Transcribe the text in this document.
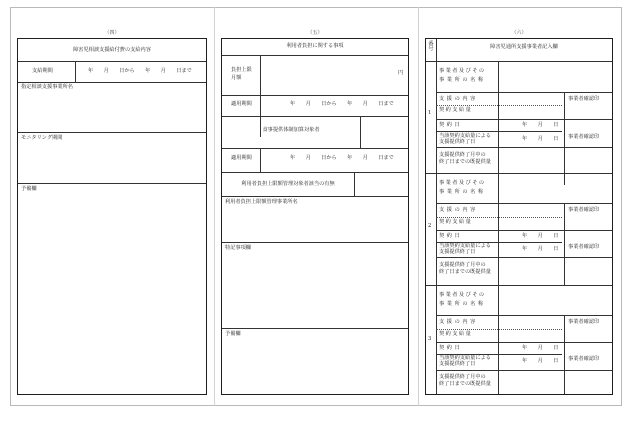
（四）	（五）	（六）
障害児相談支援給付費の支給内容
支給期間	年　　月　　日から　　年　　月　　日まで
指定相談支援事業所名
モニタリング期間
予備欄
利用者負担に関する事項
負担上限
月額
円
適用期間	年　　月　　日から　　年　　月　　日まで
食事提供体制加算対象者
適用期間	年　　月　　日から　　年　　月　　日まで
利用者負担上限額管理対象者該当の有無
利用者負担上限額管理事業所名
特記事項欄
予備欄
番号	障害児通所支援事業者記入欄
1
事業者及びその
事業所の名称
支援の内容	事業者確認印
契約支給量
契約日	年　　月　　日
事業者確認印
当該契約支給量による
支援提供終了日	年　　月　　日
支援提供終了月中の
終了日までの既提供量
2
事業者及びその
事業所の名称
支援の内容	事業者確認印
契約支給量
契約日	年　　月　　日
事業者確認印
当該契約支給量による
支援提供終了日	年　　月　　日
支援提供終了月中の
終了日までの既提供量
3
事業者及びその
事業所の名称
支援の内容	事業者確認印
契約支給量
契約日	年　　月　　日
事業者確認印
当該契約支給量による
支援提供終了日	年　　月　　日
支援提供終了月中の
終了日までの既提供量
